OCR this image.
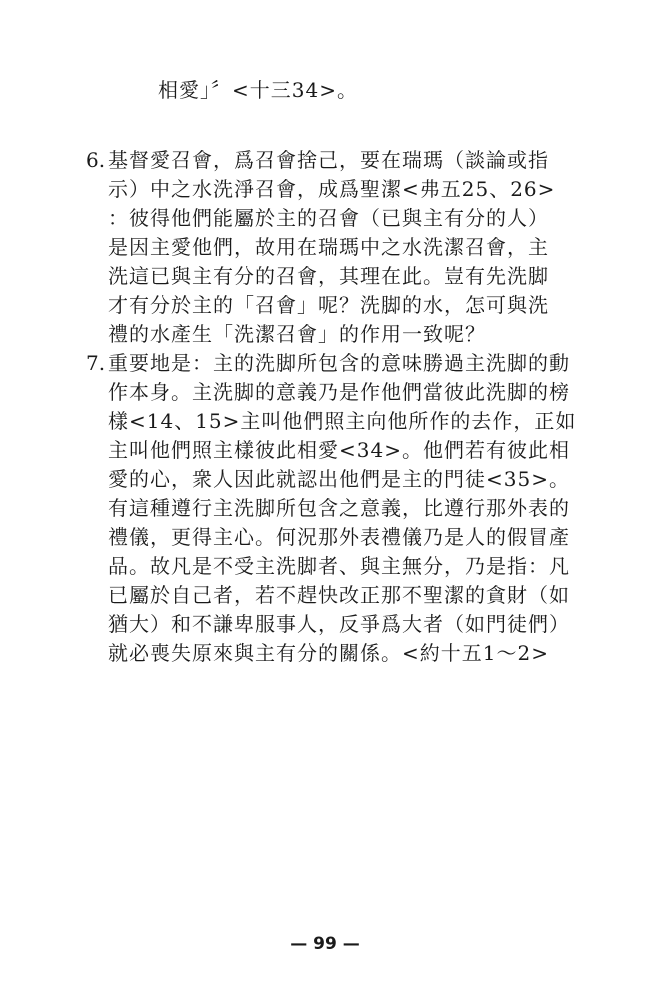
相愛」〞<十三34>。
6. 基督愛召會，爲召會捨己，要在瑞瑪（談論或指
示）中之水洗淨召會，成爲聖潔<弗五25、26>
：彼得他們能屬於主的召會（已與主有分的人）
是因主愛他們，故用在瑞瑪中之水洗潔召會，主
洗這已與主有分的召會，其理在此。豈有先洗脚
才有分於主的「召會」呢？洗脚的水，怎可與洗
禮的水產生「洗潔召會」的作用一致呢？
7. 重要地是：主的洗脚所包含的意味勝過主洗脚的動
作本身。主洗脚的意義乃是作他們當彼此洗脚的榜
樣<14、15>主叫他們照主向他所作的去作，正如
主叫他們照主樣彼此相愛<34>。他們若有彼此相
愛的心，衆人因此就認出他們是主的門徒<35>。
有這種遵行主洗脚所包含之意義，比遵行那外表的
禮儀，更得主心。何況那外表禮儀乃是人的假冒產
品。故凡是不受主洗脚者、與主無分，乃是指：凡
已屬於自己者，若不趕快改正那不聖潔的貪財（如
猶大）和不謙卑服事人，反爭爲大者（如門徒們）
就必喪失原來與主有分的關係。<約十五1～2>
— 99 —
